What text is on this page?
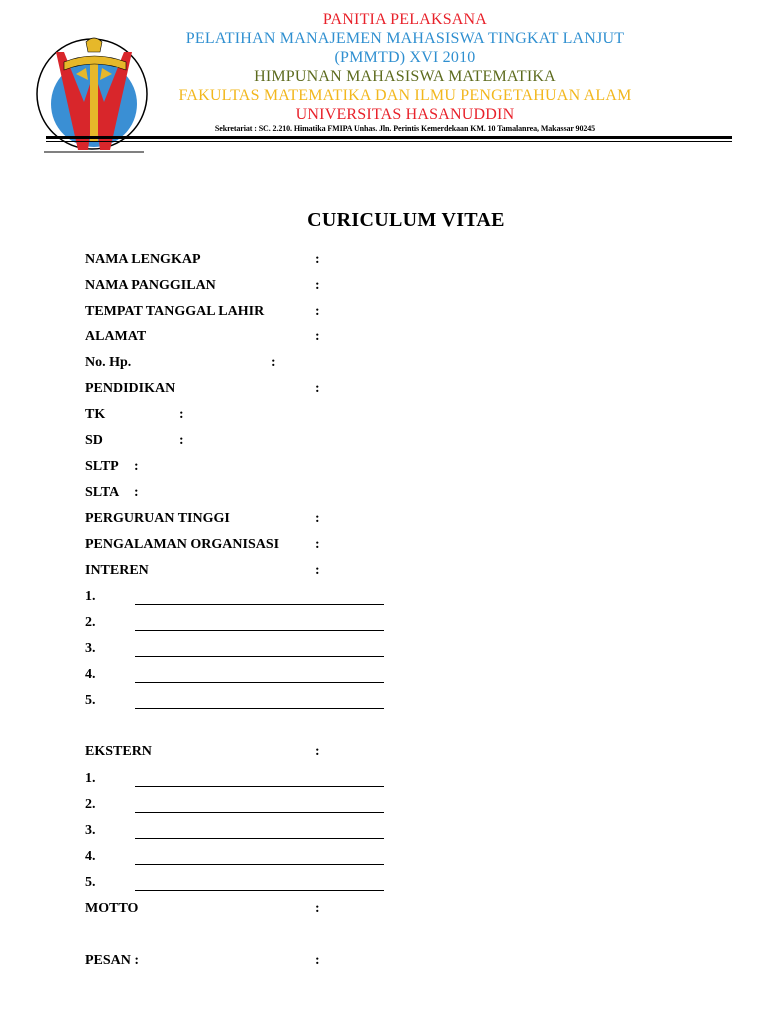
PANITIA PELAKSANA
PELATIHAN MANAJEMEN MAHASISWA TINGKAT LANJUT
(PMMTD) XVI 2010
HIMPUNAN MAHASISWA MATEMATIKA
FAKULTAS MATEMATIKA DAN ILMU PENGETAHUAN ALAM
UNIVERSITAS HASANUDDIN
Sekretariat : SC. 2.210. Himatika FMIPA Unhas. Jln. Perintis Kemerdekaan KM. 10 Tamalanrea, Makassar 90245
CURICULUM VITAE
NAMA LENGKAP	:
NAMA PANGGILAN	:
TEMPAT TANGGAL LAHIR	:
ALAMAT	:
No. Hp.	:
PENDIDIKAN	:
TK	:
SD	:
SLTP :
SLTA :
PERGURUAN TINGGI	:
PENGALAMAN ORGANISASI	:
INTEREN	:
1.
2.
3.
4.
5.
EKSTERN	:
1.
2.
3.
4.
5.
MOTTO	:
PESAN :	:
